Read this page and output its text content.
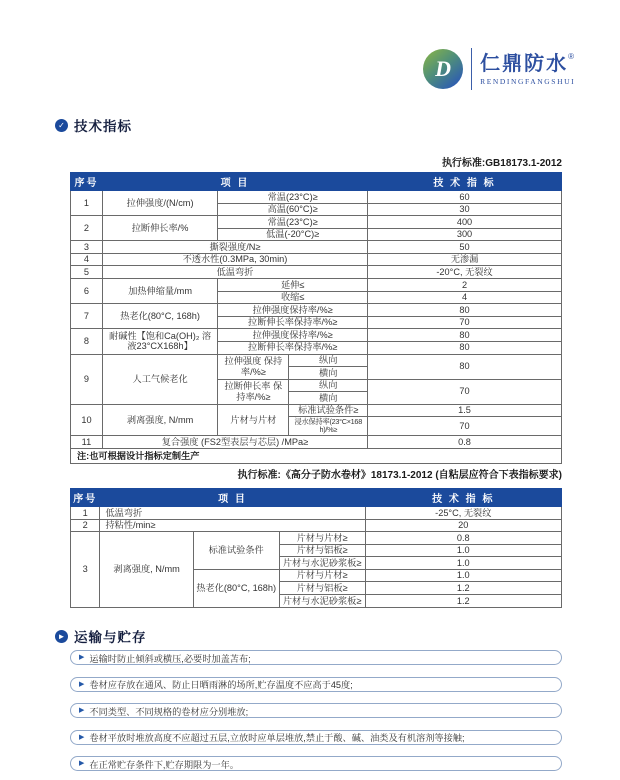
D 仁鼎防水®
RENDINGFANGSHUI
✓ 技术指标
执行标准:GB18173.1-2012
序号	项 目			技 术 指 标
1	拉伸强度/(N/cm)	常温(23°C)≥		60
		高温(60°C)≥		30
2	拉断伸长率/%	常温(23°C)≥		400
		低温(-20°C)≥		300
3	撕裂强度/N≥			50
4	不透水性(0.3MPa, 30min)			无渗漏
5	低温弯折			-20°C, 无裂纹
6	加热伸缩量/mm	延伸≤		2
		收缩≤		4
7	热老化(80°C, 168h)	拉伸强度保持率/%≥		80
		拉断伸长率保持率/%≥		70
8	耐碱性【饱和Ca(OH)₂ 溶液23°CX168h】	拉伸强度保持率/%≥		80
		拉断伸长率保持率/%≥		80
9	人工气候老化	拉伸强度 保持率/%≥	纵向	80
			横向	
		拉断伸长率 保持率/%≥	纵向	70
			横向	
10	剥离强度, N/mm	片材与片材	标准试验条件≥	1.5
			浸水保持率(23°C×168h)/%≥	70
11	复合强度 (FS2型表层与芯层) /MPa≥			0.8
注:也可根据设计指标定制生产				
执行标准:《高分子防水卷材》18173.1-2012 (自粘层应符合下表指标要求)
序号	项 目			技 术 指 标
1	低温弯折			-25°C, 无裂纹
2	持粘性/min≥			20
3	剥离强度, N/mm	标准试验条件	片材与片材≥	0.8
			片材与铝板≥	1.0
			片材与水泥砂浆板≥	1.0
		热老化(80°C, 168h)	片材与片材≥	1.0
			片材与铝板≥	1.2
			片材与水泥砂浆板≥	1.2
► 运输与贮存
▶ 运输时防止倾斜或横压,必要时加盖苫布;
▶ 卷材应存放在通风、防止日晒雨淋的场所,贮存温度不应高于45度;
▶ 不同类型、不同规格的卷材应分别堆放;
▶ 卷材平放时堆放高度不应超过五层,立放时应单层堆放,禁止于酸、碱、油类及有机溶剂等接触;
▶ 在正常贮存条件下,贮存期限为一年。
